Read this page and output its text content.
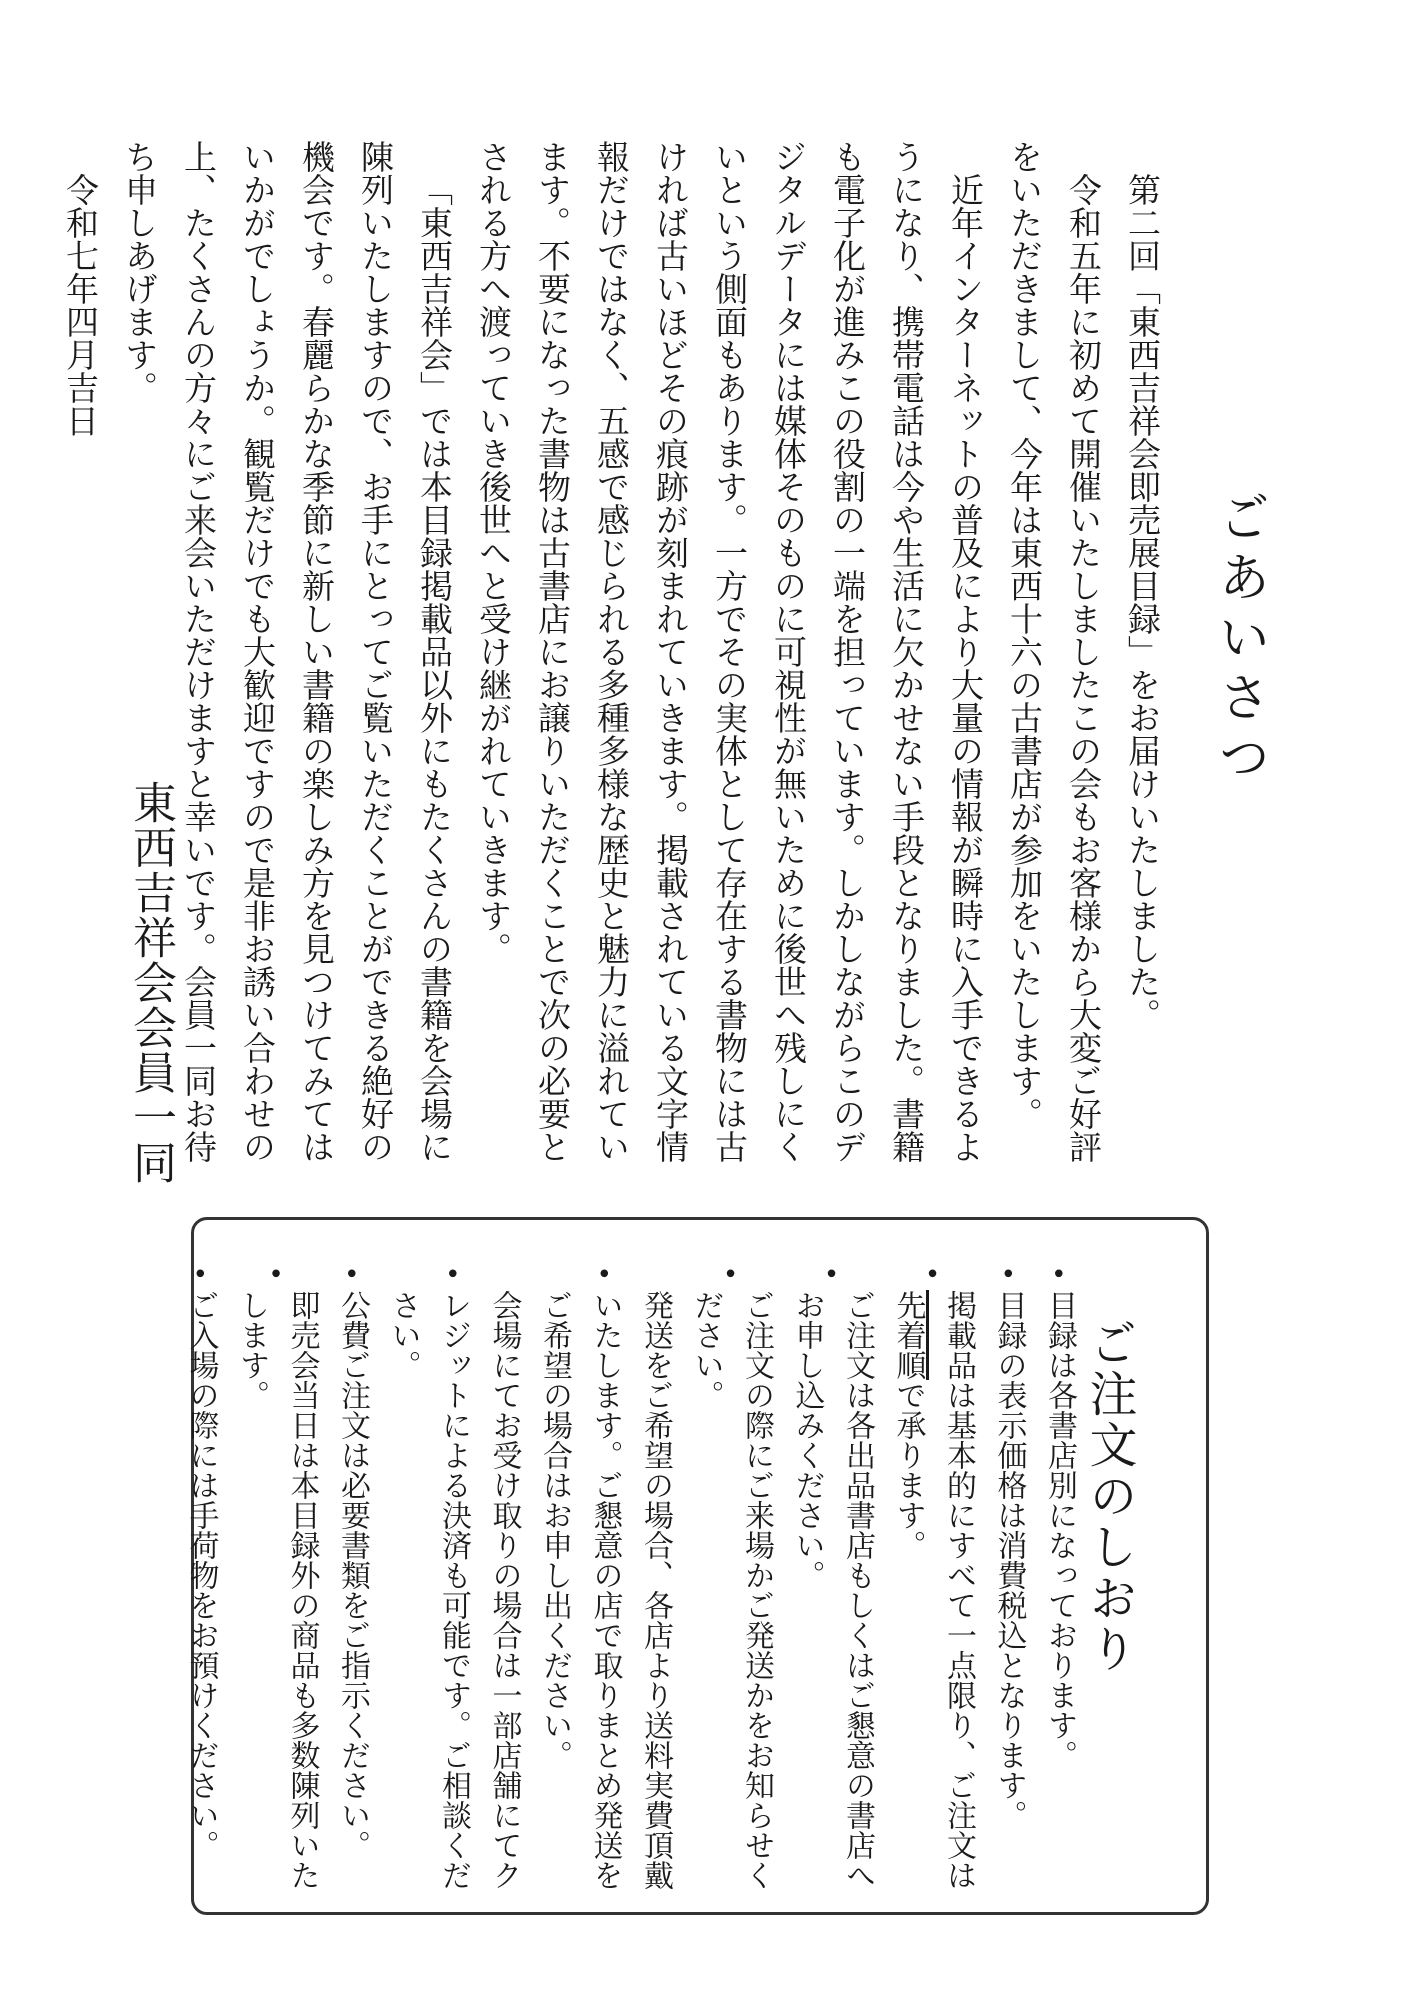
ごあいさつ

第二回「東西吉祥会即売展目録」をお届けいたしました。

令和五年に初めて開催いたしましたこの会もお客様から大変ご好評をいただきまして、今年は東西十六の古書店が参加をいたします。

近年インターネットの普及により大量の情報が瞬時に入手できるようになり、携帯電話は今や生活に欠かせない手段となりました。書籍も電子化が進みこの役割の一端を担っています。しかしながらこのデジタルデータには媒体そのものに可視性が無いために後世へ残しにくいという側面もあります。一方でその実体として存在する書物には古ければ古いほどその痕跡が刻まれていきます。掲載されている文字情報だけではなく、五感で感じられる多種多様な歴史と魅力に溢れています。不要になった書物は古書店にお譲りいただくことで次の必要とされる方へ渡っていき後世へと受け継がれていきます。

「東西吉祥会」では本目録掲載品以外にもたくさんの書籍を会場に陳列いたしますので、お手にとってご覧いただくことができる絶好の機会です。春麗らかな季節に新しい書籍の楽しみ方を見つけてみてはいかがでしょうか。観覧だけでも大歓迎ですので是非お誘い合わせの上、たくさんの方々にご来会いただけますと幸いです。会員一同お待ち申しあげます。

令和七年四月吉日

東西吉祥会会員一同

ご注文のしおり
• 目録は各書店別になっております。
• 目録の表示価格は消費税込となります。
• 掲載品は基本的にすべて一点限り、ご注文は先着順で承ります。
• ご注文は各出品書店もしくはご懇意の書店へお申し込みください。
• ご注文の際にご来場かご発送かをお知らせください。
• 発送をご希望の場合、各店より送料実費頂戴いたします。ご懇意の店で取りまとめ発送をご希望の場合はお申し出ください。
• 会場にてお受け取りの場合は一部店舗にてクレジットによる決済も可能です。ご相談ください。
• 公費ご注文は必要書類をご指示ください。
• 即売会当日は本目録外の商品も多数陳列いたします。
• ご入場の際には手荷物をお預けください。
